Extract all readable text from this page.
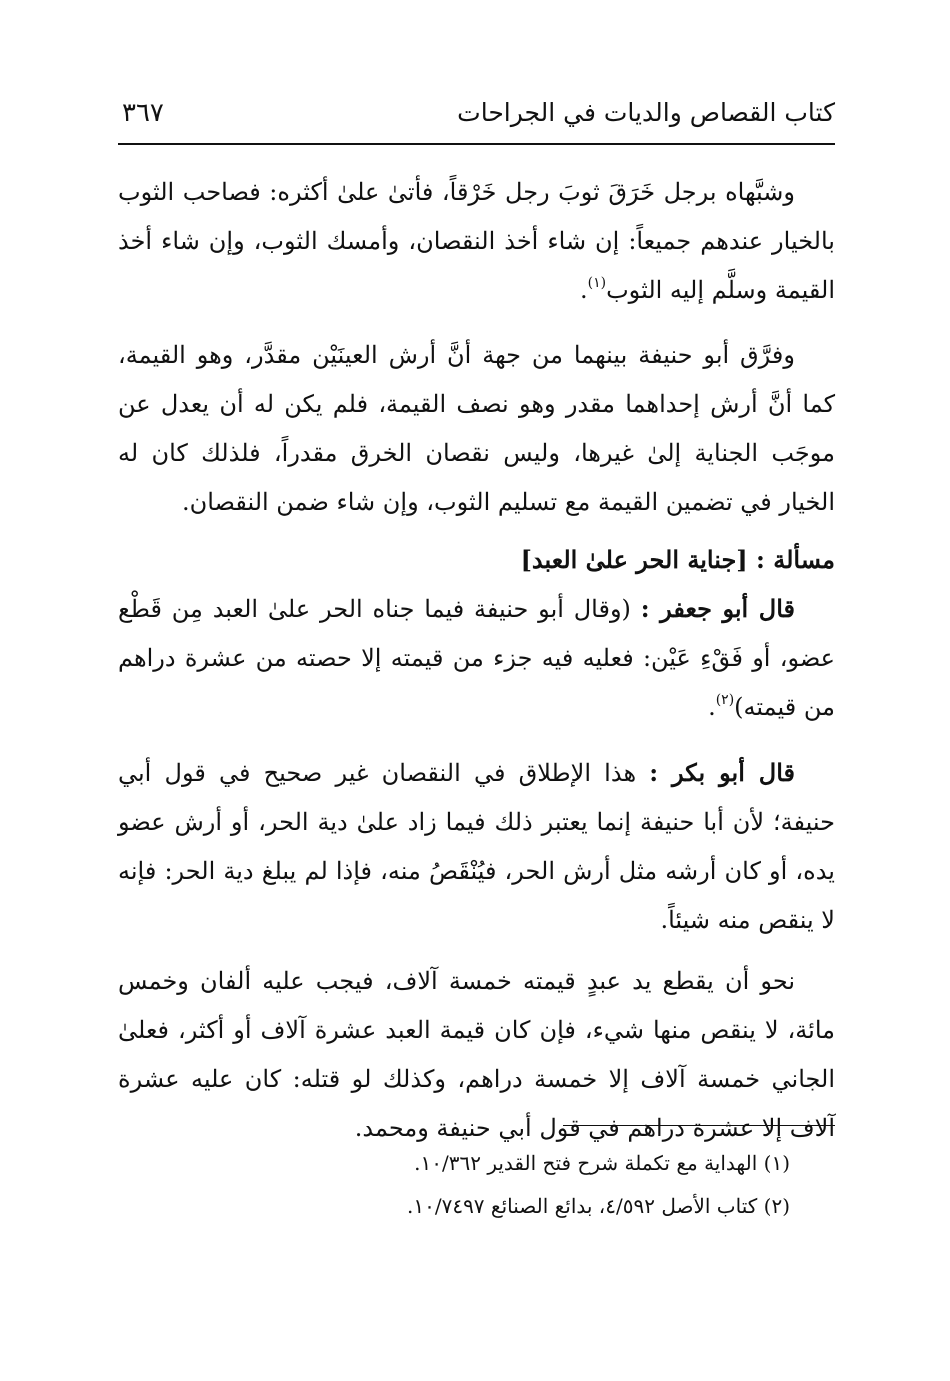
كتاب القصاص والديات في الجراحات
٣٦٧

وشبَّهاه برجل خَرَقَ ثوبَ رجل خَرْقاً، فأتىٰ علىٰ أكثره: فصاحب الثوب بالخيار عندهم جميعاً: إن شاء أخذ النقصان، وأمسك الثوب، وإن شاء أخذ القيمة وسلَّم إليه الثوب$^{(١)}$.

وفرَّق أبو حنيفة بينهما من جهة أنَّ أرش العينَيْن مقدَّر، وهو القيمة، كما أنَّ أرش إحداهما مقدر وهو نصف القيمة، فلم يكن له أن يعدل عن موجَب الجناية إلىٰ غيرها، وليس نقصان الخرق مقدراً، فلذلك كان له الخيار في تضمين القيمة مع تسليم الثوب، وإن شاء ضمن النقصان.

مسألة : [جناية الحر علىٰ العبد]

قال أبو جعفر : (وقال أبو حنيفة فيما جناه الحر علىٰ العبد مِن قَطْع عضو، أو فَقْءِ عَيْن: فعليه فيه جزء من قيمته إلا حصته من عشرة دراهم من قيمته)$^{(٢)}$.

قال أبو بكر : هذا الإطلاق في النقصان غير صحيح في قول أبي حنيفة؛ لأن أبا حنيفة إنما يعتبر ذلك فيما زاد علىٰ دية الحر، أو أرش عضو يده، أو كان أرشه مثل أرش الحر، فيُنْقَصُ منه، فإذا لم يبلغ دية الحر: فإنه لا ينقص منه شيئاً.

نحو أن يقطع يد عبدٍ قيمته خمسة آلاف، فيجب عليه ألفان وخمس مائة، لا ينقص منها شيء، فإن كان قيمة العبد عشرة آلاف أو أكثر، فعلىٰ الجاني خمسة آلاف إلا خمسة دراهم، وكذلك لو قتله: كان عليه عشرة آلاف إلا عشرة دراهم في قول أبي حنيفة ومحمد.

(١) الهداية مع تكملة شرح فتح القدير ١٠/٣٦٢.

(٢) كتاب الأصل ٤/٥٩٢، بدائع الصنائع ١٠/٧٤٩٧.
